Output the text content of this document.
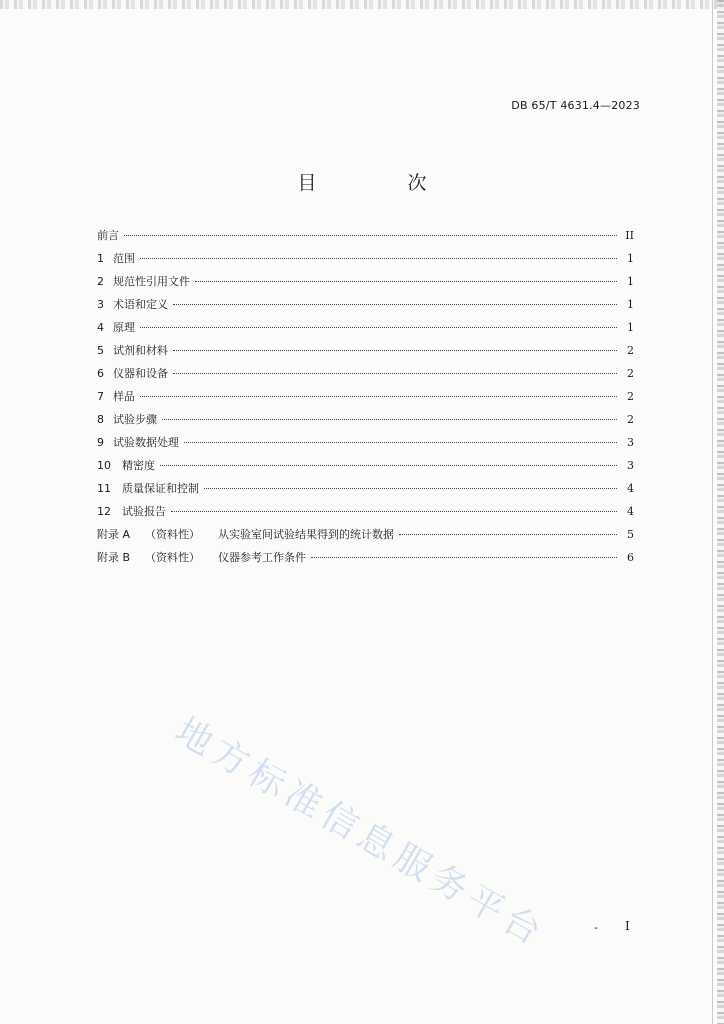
DB 65/T 4631.4—2023
目　次
前言	II
1 范围	1
2 规范性引用文件	1
3 术语和定义	1
4 原理	1
5 试剂和材料	2
6 仪器和设备	2
7 样品	2
8 试验步骤	2
9 试验数据处理	3
10	精密度	3
11	质量保证和控制	4
12	试验报告	4
附录 A （资料性） 从实验室间试验结果得到的统计数据	5
附录 B （资料性） 仪器参考工作条件	6
地方标准信息服务平台	- I
